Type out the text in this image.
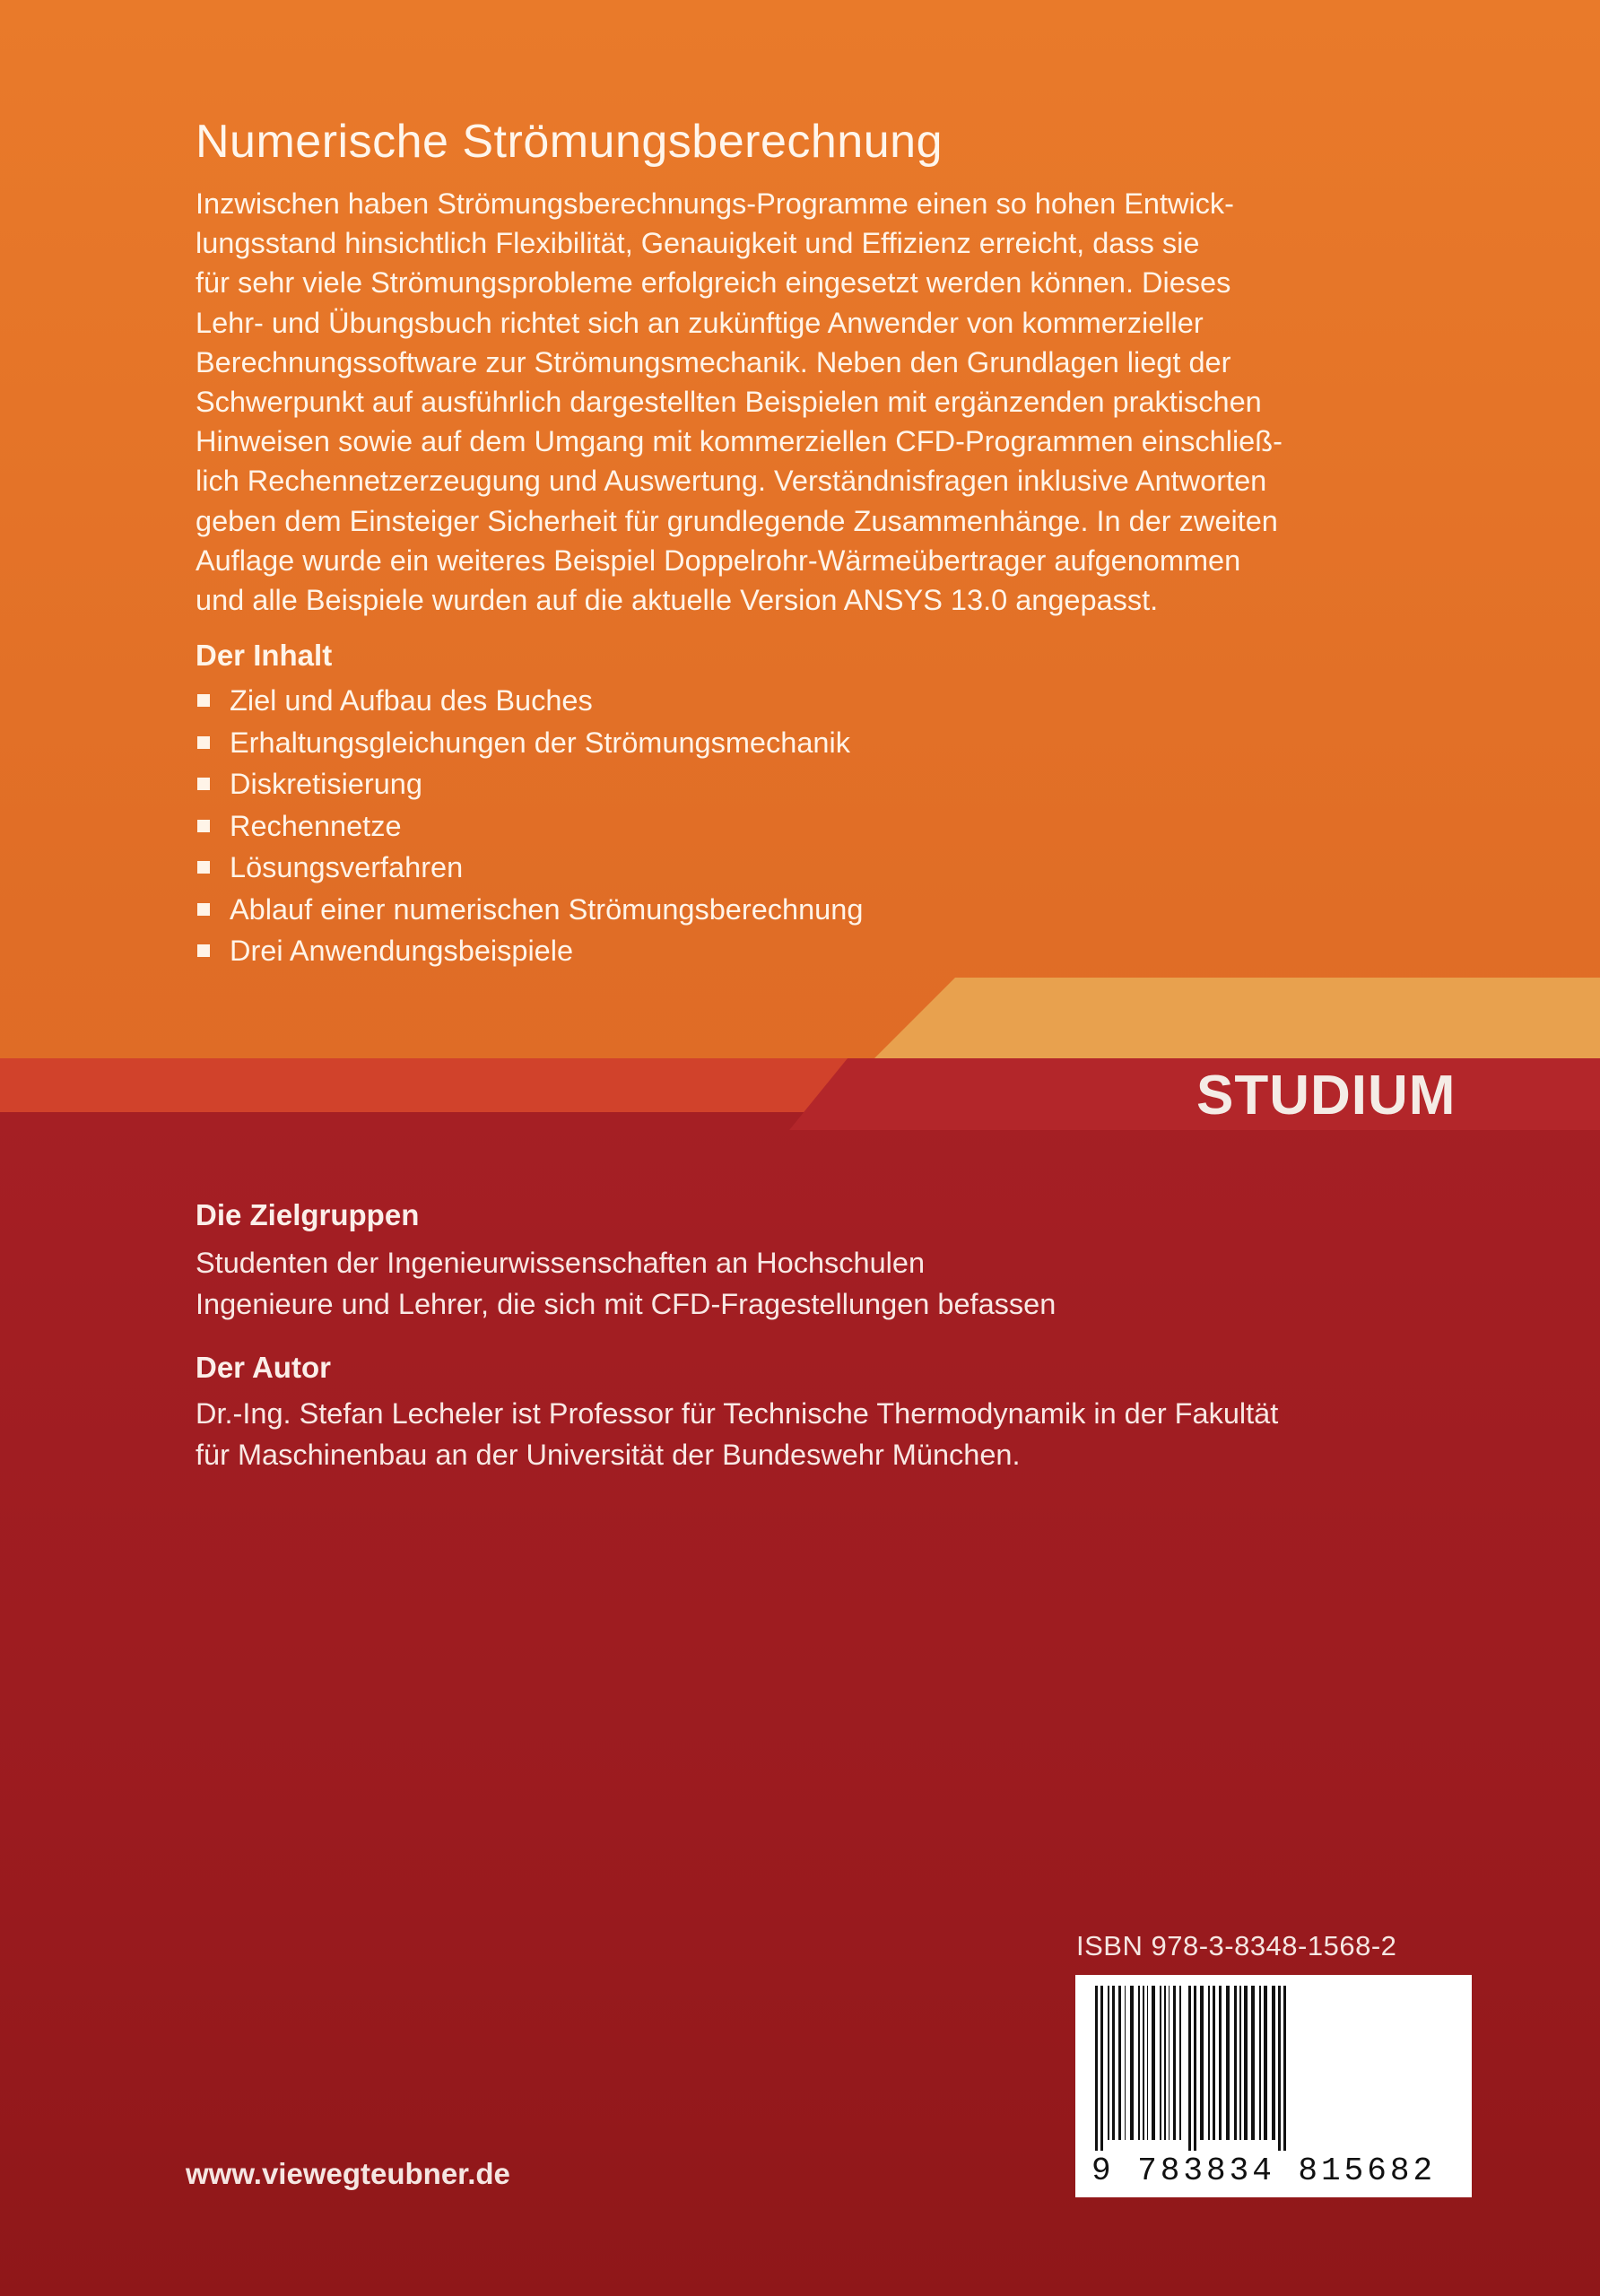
Numerische Strömungsberechnung
Inzwischen haben Strömungsberechnungs-Programme einen so hohen Entwick-
lungsstand hinsichtlich Flexibilität, Genauigkeit und Effizienz erreicht, dass sie
für sehr viele Strömungsprobleme erfolgreich eingesetzt werden können. Dieses
Lehr- und Übungsbuch richtet sich an zukünftige Anwender von kommerzieller
Berechnungssoftware zur Strömungsmechanik. Neben den Grundlagen liegt der
Schwerpunkt auf ausführlich dargestellten Beispielen mit ergänzenden praktischen
Hinweisen sowie auf dem Umgang mit kommerziellen CFD-Programmen einschließ-
lich Rechennetzerzeugung und Auswertung. Verständnisfragen inklusive Antworten
geben dem Einsteiger Sicherheit für grundlegende Zusammenhänge. In der zweiten
Auflage wurde ein weiteres Beispiel Doppelrohr-Wärmeübertrager aufgenommen
und alle Beispiele wurden auf die aktuelle Version ANSYS 13.0 angepasst.
Der Inhalt
Ziel und Aufbau des Buches
Erhaltungsgleichungen der Strömungsmechanik
Diskretisierung
Rechennetze
Lösungsverfahren
Ablauf einer numerischen Strömungsberechnung
Drei Anwendungsbeispiele
STUDIUM
Die Zielgruppen
Studenten der Ingenieurwissenschaften an Hochschulen
Ingenieure und Lehrer, die sich mit CFD-Fragestellungen befassen
Der Autor
Dr.-Ing. Stefan Lecheler ist Professor für Technische Thermodynamik in der Fakultät
für Maschinenbau an der Universität der Bundeswehr München.
ISBN 978-3-8348-1568-2
9 783834 815682
www.viewegteubner.de
